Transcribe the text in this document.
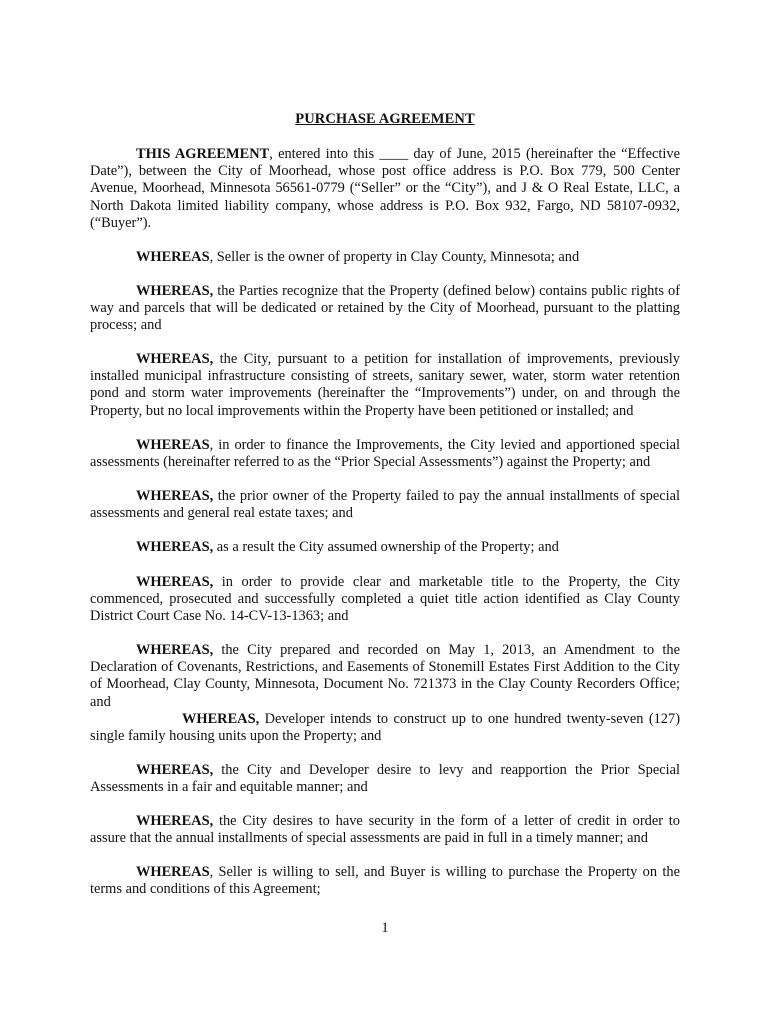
PURCHASE AGREEMENT

THIS AGREEMENT, entered into this ____ day of June, 2015 (hereinafter the “Effective Date”), between the City of Moorhead, whose post office address is P.O. Box 779, 500 Center Avenue, Moorhead, Minnesota 56561-0779 (“Seller” or the “City”), and J & O Real Estate, LLC, a North Dakota limited liability company, whose address is P.O. Box 932, Fargo, ND 58107-0932, (“Buyer”).

WHEREAS, Seller is the owner of property in Clay County, Minnesota; and

WHEREAS, the Parties recognize that the Property (defined below) contains public rights of way and parcels that will be dedicated or retained by the City of Moorhead, pursuant to the platting process; and

WHEREAS, the City, pursuant to a petition for installation of improvements, previously installed municipal infrastructure consisting of streets, sanitary sewer, water, storm water retention pond and storm water improvements (hereinafter the “Improvements”) under, on and through the Property, but no local improvements within the Property have been petitioned or installed; and

WHEREAS, in order to finance the Improvements, the City levied and apportioned special assessments (hereinafter referred to as the “Prior Special Assessments”) against the Property; and

WHEREAS, the prior owner of the Property failed to pay the annual installments of special assessments and general real estate taxes; and

WHEREAS, as a result the City assumed ownership of the Property; and

WHEREAS, in order to provide clear and marketable title to the Property, the City commenced, prosecuted and successfully completed a quiet title action identified as Clay County District Court Case No. 14-CV-13-1363; and

WHEREAS, the City prepared and recorded on May 1, 2013, an Amendment to the Declaration of Covenants, Restrictions, and Easements of Stonemill Estates First Addition to the City of Moorhead, Clay County, Minnesota, Document No. 721373 in the Clay County Recorders Office; and

WHEREAS, Developer intends to construct up to one hundred twenty-seven (127) single family housing units upon the Property; and

WHEREAS, the City and Developer desire to levy and reapportion the Prior Special Assessments in a fair and equitable manner; and

WHEREAS, the City desires to have security in the form of a letter of credit in order to assure that the annual installments of special assessments are paid in full in a timely manner; and

WHEREAS, Seller is willing to sell, and Buyer is willing to purchase the Property on the terms and conditions of this Agreement;

1
